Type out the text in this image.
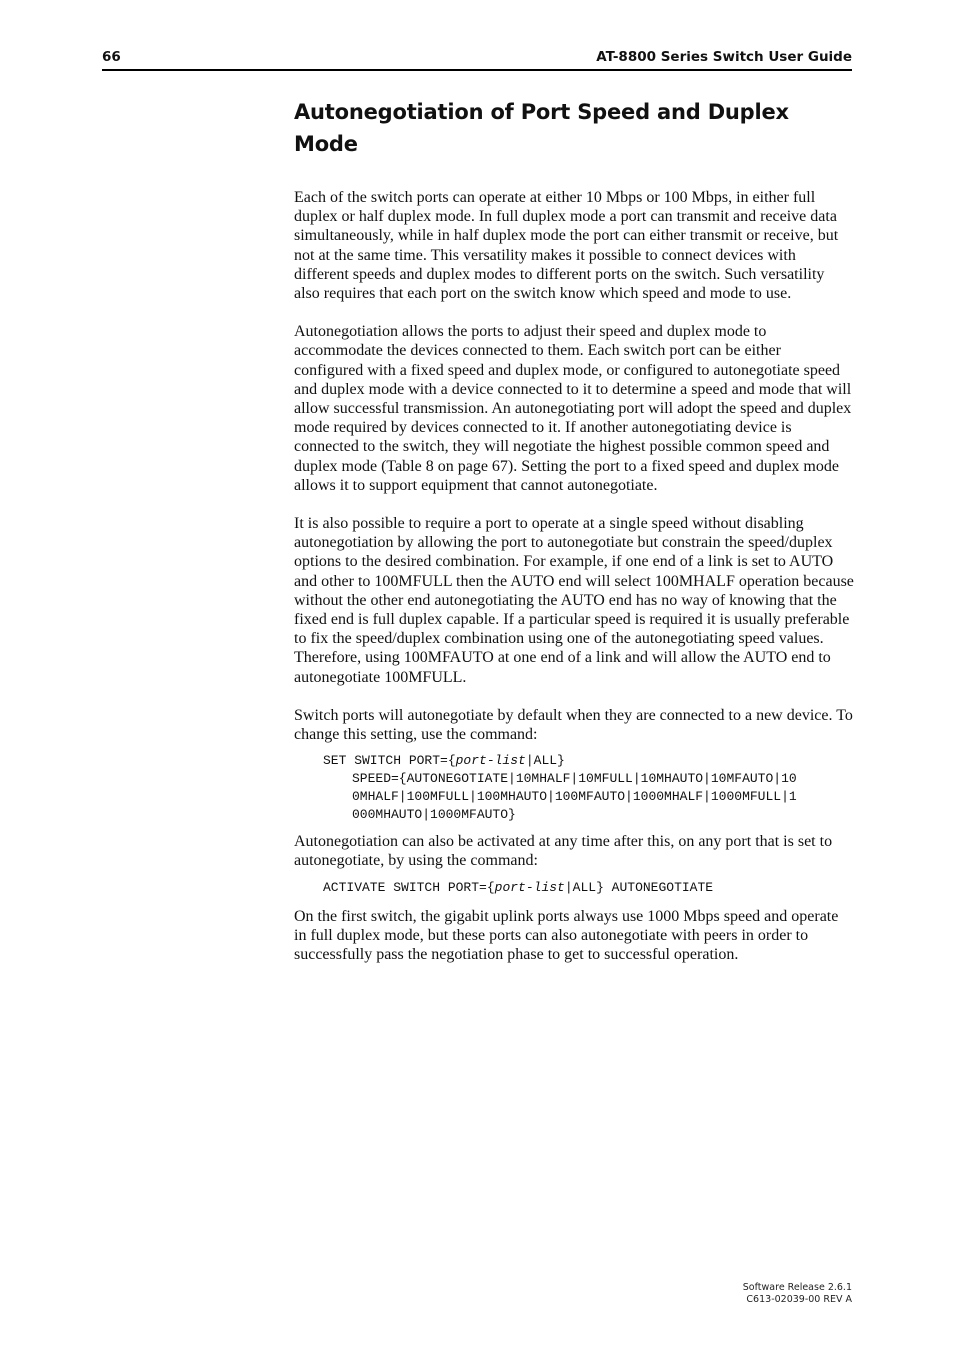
66	AT-8800 Series Switch User Guide
Autonegotiation of Port Speed and Duplex Mode

Each of the switch ports can operate at either 10 Mbps or 100 Mbps, in either full duplex or half duplex mode. In full duplex mode a port can transmit and receive data simultaneously, while in half duplex mode the port can either transmit or receive, but not at the same time. This versatility makes it possible to connect devices with different speeds and duplex modes to different ports on the switch. Such versatility also requires that each port on the switch know which speed and mode to use.

Autonegotiation allows the ports to adjust their speed and duplex mode to accommodate the devices connected to them. Each switch port can be either configured with a fixed speed and duplex mode, or configured to autonegotiate speed and duplex mode with a device connected to it to determine a speed and mode that will allow successful transmission. An autonegotiating port will adopt the speed and duplex mode required by devices connected to it. If another autonegotiating device is connected to the switch, they will negotiate the highest possible common speed and duplex mode (Table 8 on page 67). Setting the port to a fixed speed and duplex mode allows it to support equipment that cannot autonegotiate.

It is also possible to require a port to operate at a single speed without disabling autonegotiation by allowing the port to autonegotiate but constrain the speed/duplex options to the desired combination. For example, if one end of a link is set to AUTO and other to 100MFULL then the AUTO end will select 100MHALF operation because without the other end autonegotiating the AUTO end has no way of knowing that the fixed end is full duplex capable. If a particular speed is required it is usually preferable to fix the speed/duplex combination using one of the autonegotiating speed values. Therefore, using 100MFAUTO at one end of a link and will allow the AUTO end to autonegotiate 100MFULL.

Switch ports will autonegotiate by default when they are connected to a new device. To change this setting, use the command:

SET SWITCH PORT={port-list|ALL}
SPEED={AUTONEGOTIATE|10MHALF|10MFULL|10MHAUTO|10MFAUTO|10
0MHALF|100MFULL|100MHAUTO|100MFAUTO|1000MHALF|1000MFULL|1
000MHAUTO|1000MFAUTO}

Autonegotiation can also be activated at any time after this, on any port that is set to autonegotiate, by using the command:

ACTIVATE SWITCH PORT={port-list|ALL} AUTONEGOTIATE

On the first switch, the gigabit uplink ports always use 1000 Mbps speed and operate in full duplex mode, but these ports can also autonegotiate with peers in order to successfully pass the negotiation phase to get to successful operation.

Software Release 2.6.1
C613-02039-00 REV A
